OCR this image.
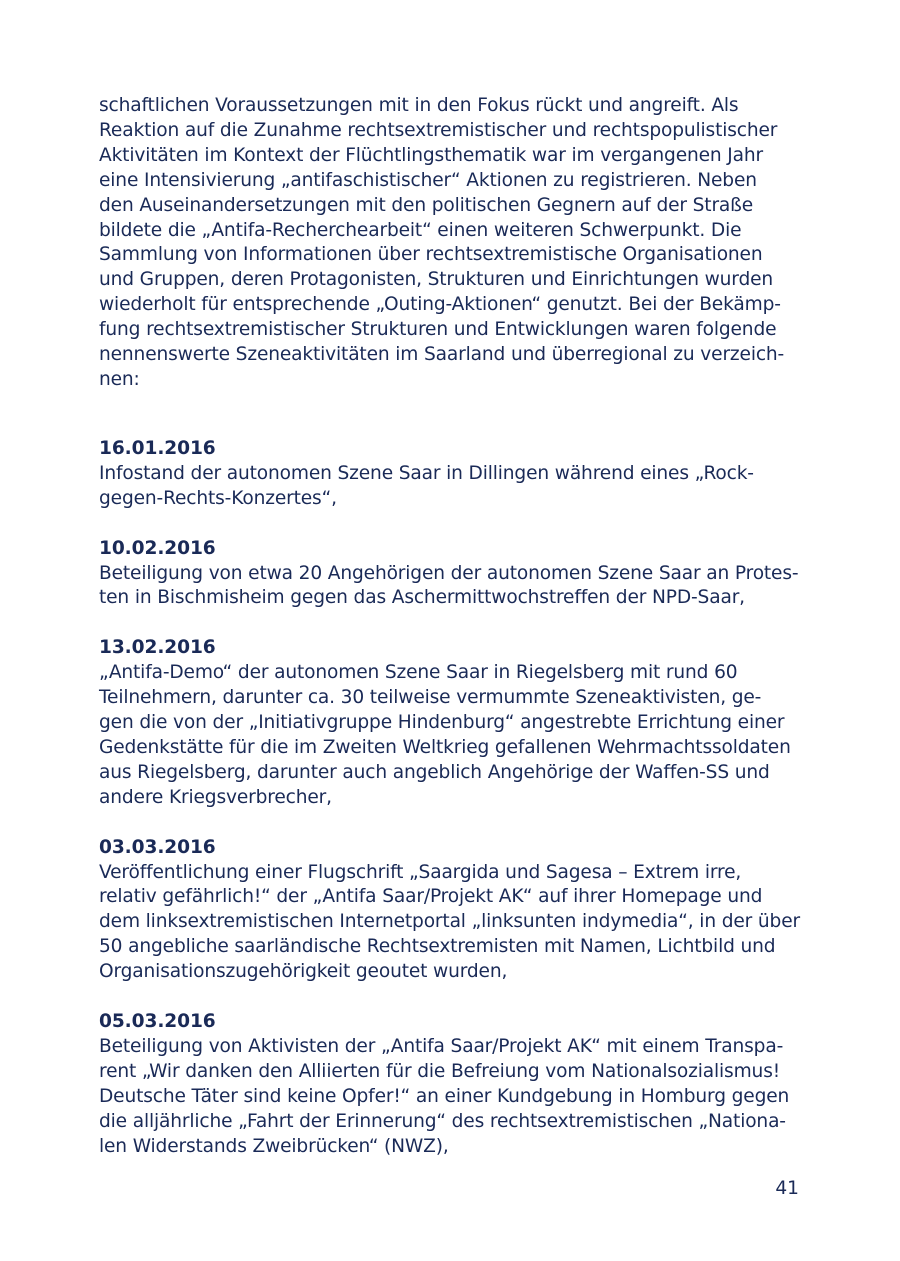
schaftlichen Voraussetzungen mit in den Fokus rückt und angreift. Als
Reaktion auf die Zunahme rechtsextremistischer und rechtspopulistischer
Aktivitäten im Kontext der Flüchtlingsthematik war im vergangenen Jahr
eine Intensivierung „antifaschistischer“ Aktionen zu registrieren. Neben
den Auseinandersetzungen mit den politischen Gegnern auf der Straße
bildete die „Antifa-Recherchearbeit“ einen weiteren Schwerpunkt. Die
Sammlung von Informationen über rechtsextremistische Organisationen
und Gruppen, deren Protagonisten, Strukturen und Einrichtungen wurden
wiederholt für entsprechende „Outing-Aktionen“ genutzt. Bei der Bekämp-
fung rechtsextremistischer Strukturen und Entwicklungen waren folgende
nennenswerte Szeneaktivitäten im Saarland und überregional zu verzeich-
nen:
16.01.2016
Infostand der autonomen Szene Saar in Dillingen während eines „Rock-
gegen-Rechts-Konzertes“,
10.02.2016
Beteiligung von etwa 20 Angehörigen der autonomen Szene Saar an Protes-
ten in Bischmisheim gegen das Aschermittwochstreffen der NPD-Saar,
13.02.2016
„Antifa-Demo“ der autonomen Szene Saar in Riegelsberg mit rund 60
Teilnehmern, darunter ca. 30 teilweise vermummte Szeneaktivisten, ge-
gen die von der „Initiativgruppe Hindenburg“ angestrebte Errichtung einer
Gedenkstätte für die im Zweiten Weltkrieg gefallenen Wehrmachtssoldaten
aus Riegelsberg, darunter auch angeblich Angehörige der Waffen-SS und
andere Kriegsverbrecher,
03.03.2016
Veröffentlichung einer Flugschrift „Saargida und Sagesa – Extrem irre,
relativ gefährlich!“ der „Antifa Saar/Projekt AK“ auf ihrer Homepage und
dem linksextremistischen Internetportal „linksunten indymedia“, in der über
50 angebliche saarländische Rechtsextremisten mit Namen, Lichtbild und
Organisationszugehörigkeit geoutet wurden,
05.03.2016
Beteiligung von Aktivisten der „Antifa Saar/Projekt AK“ mit einem Transpa-
rent „Wir danken den Alliierten für die Befreiung vom Nationalsozialismus!
Deutsche Täter sind keine Opfer!“ an einer Kundgebung in Homburg gegen
die alljährliche „Fahrt der Erinnerung“ des rechtsextremistischen „Nationa-
len Widerstands Zweibrücken“ (NWZ),
41
